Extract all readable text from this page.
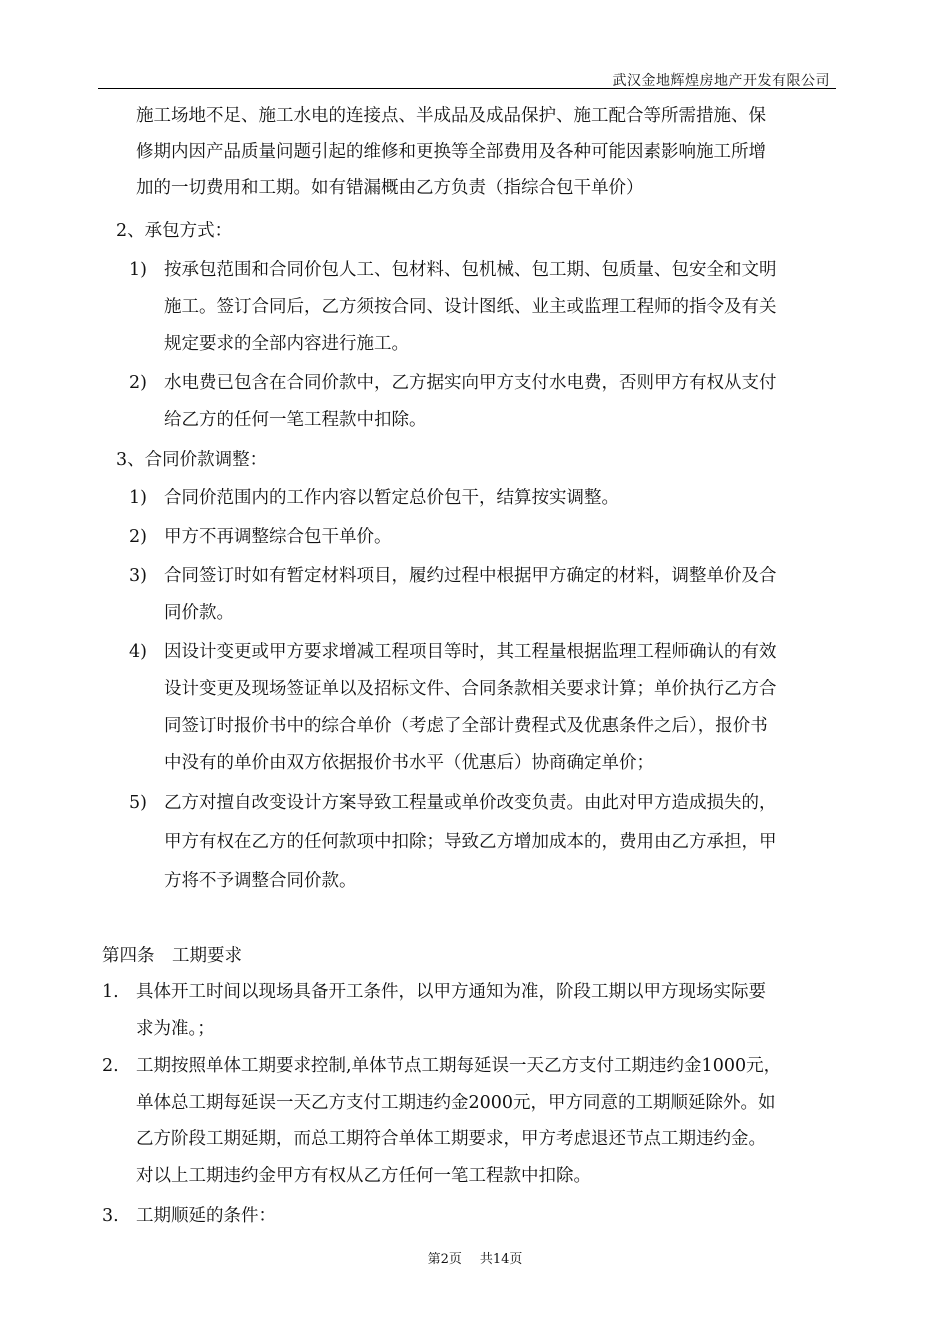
武汉金地辉煌房地产开发有限公司
施工场地不足、施工水电的连接点、半成品及成品保护、施工配合等所需措施、保
修期内因产品质量问题引起的维修和更换等全部费用及各种可能因素影响施工所增
加的一切费用和工期。如有错漏概由乙方负责（指综合包干单价）
2、承包方式：
1) 按承包范围和合同价包人工、包材料、包机械、包工期、包质量、包安全和文明
施工。签订合同后，乙方须按合同、设计图纸、业主或监理工程师的指令及有关
规定要求的全部内容进行施工。
2) 水电费已包含在合同价款中，乙方据实向甲方支付水电费，否则甲方有权从支付
给乙方的任何一笔工程款中扣除。
3、合同价款调整：
1) 合同价范围内的工作内容以暂定总价包干，结算按实调整。
2) 甲方不再调整综合包干单价。
3) 合同签订时如有暂定材料项目，履约过程中根据甲方确定的材料，调整单价及合
同价款。
4) 因设计变更或甲方要求增减工程项目等时，其工程量根据监理工程师确认的有效
设计变更及现场签证单以及招标文件、合同条款相关要求计算；单价执行乙方合
同签订时报价书中的综合单价（考虑了全部计费程式及优惠条件之后），报价书
中没有的单价由双方依据报价书水平（优惠后）协商确定单价；
5) 乙方对擅自改变设计方案导致工程量或单价改变负责。由此对甲方造成损失的，
甲方有权在乙方的任何款项中扣除；导致乙方增加成本的，费用由乙方承担，甲
方将不予调整合同价款。
第四条　工期要求
1. 具体开工时间以现场具备开工条件，以甲方通知为准，阶段工期以甲方现场实际要
求为准。；
2. 工期按照单体工期要求控制,单体节点工期每延误一天乙方支付工期违约金1000元，
单体总工期每延误一天乙方支付工期违约金2000元，甲方同意的工期顺延除外。如
乙方阶段工期延期，而总工期符合单体工期要求，甲方考虑退还节点工期违约金。
对以上工期违约金甲方有权从乙方任何一笔工程款中扣除。
3. 工期顺延的条件：
第2页 共14页
